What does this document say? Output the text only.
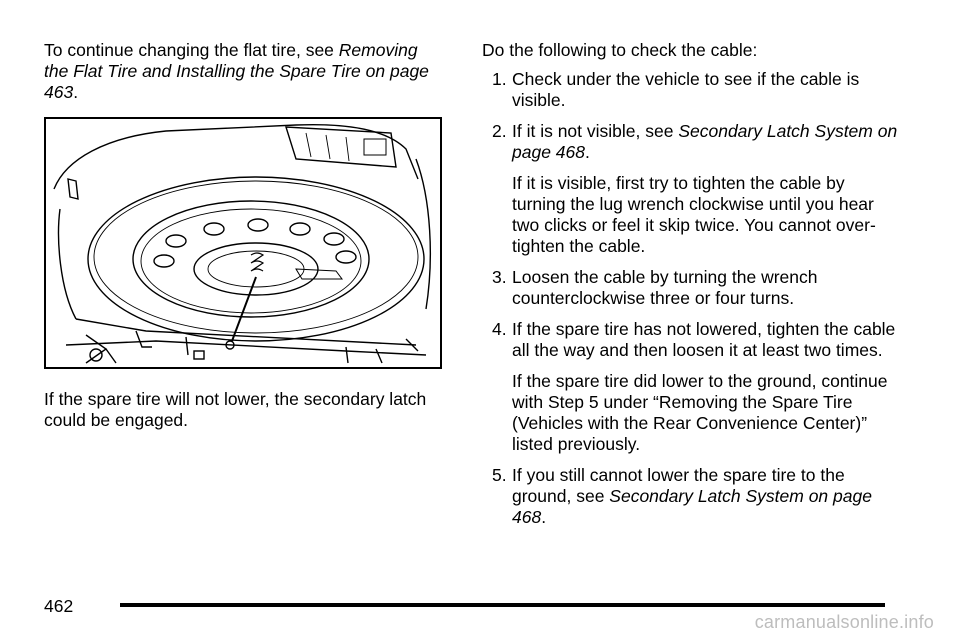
To continue changing the flat tire, see Removing the Flat Tire and Installing the Spare Tire on page 463.

If the spare tire will not lower, the secondary latch could be engaged.

Do the following to check the cable:

1. Check under the vehicle to see if the cable is visible.
2. If it is not visible, see Secondary Latch System on page 468.
If it is visible, first try to tighten the cable by turning the lug wrench clockwise until you hear two clicks or feel it skip twice. You cannot over-tighten the cable.
3. Loosen the cable by turning the wrench counterclockwise three or four turns.
4. If the spare tire has not lowered, tighten the cable all the way and then loosen it at least two times.
If the spare tire did lower to the ground, continue with Step 5 under “Removing the Spare Tire (Vehicles with the Rear Convenience Center)” listed previously.
5. If you still cannot lower the spare tire to the ground, see Secondary Latch System on page 468.
462
carmanualsonline.info
